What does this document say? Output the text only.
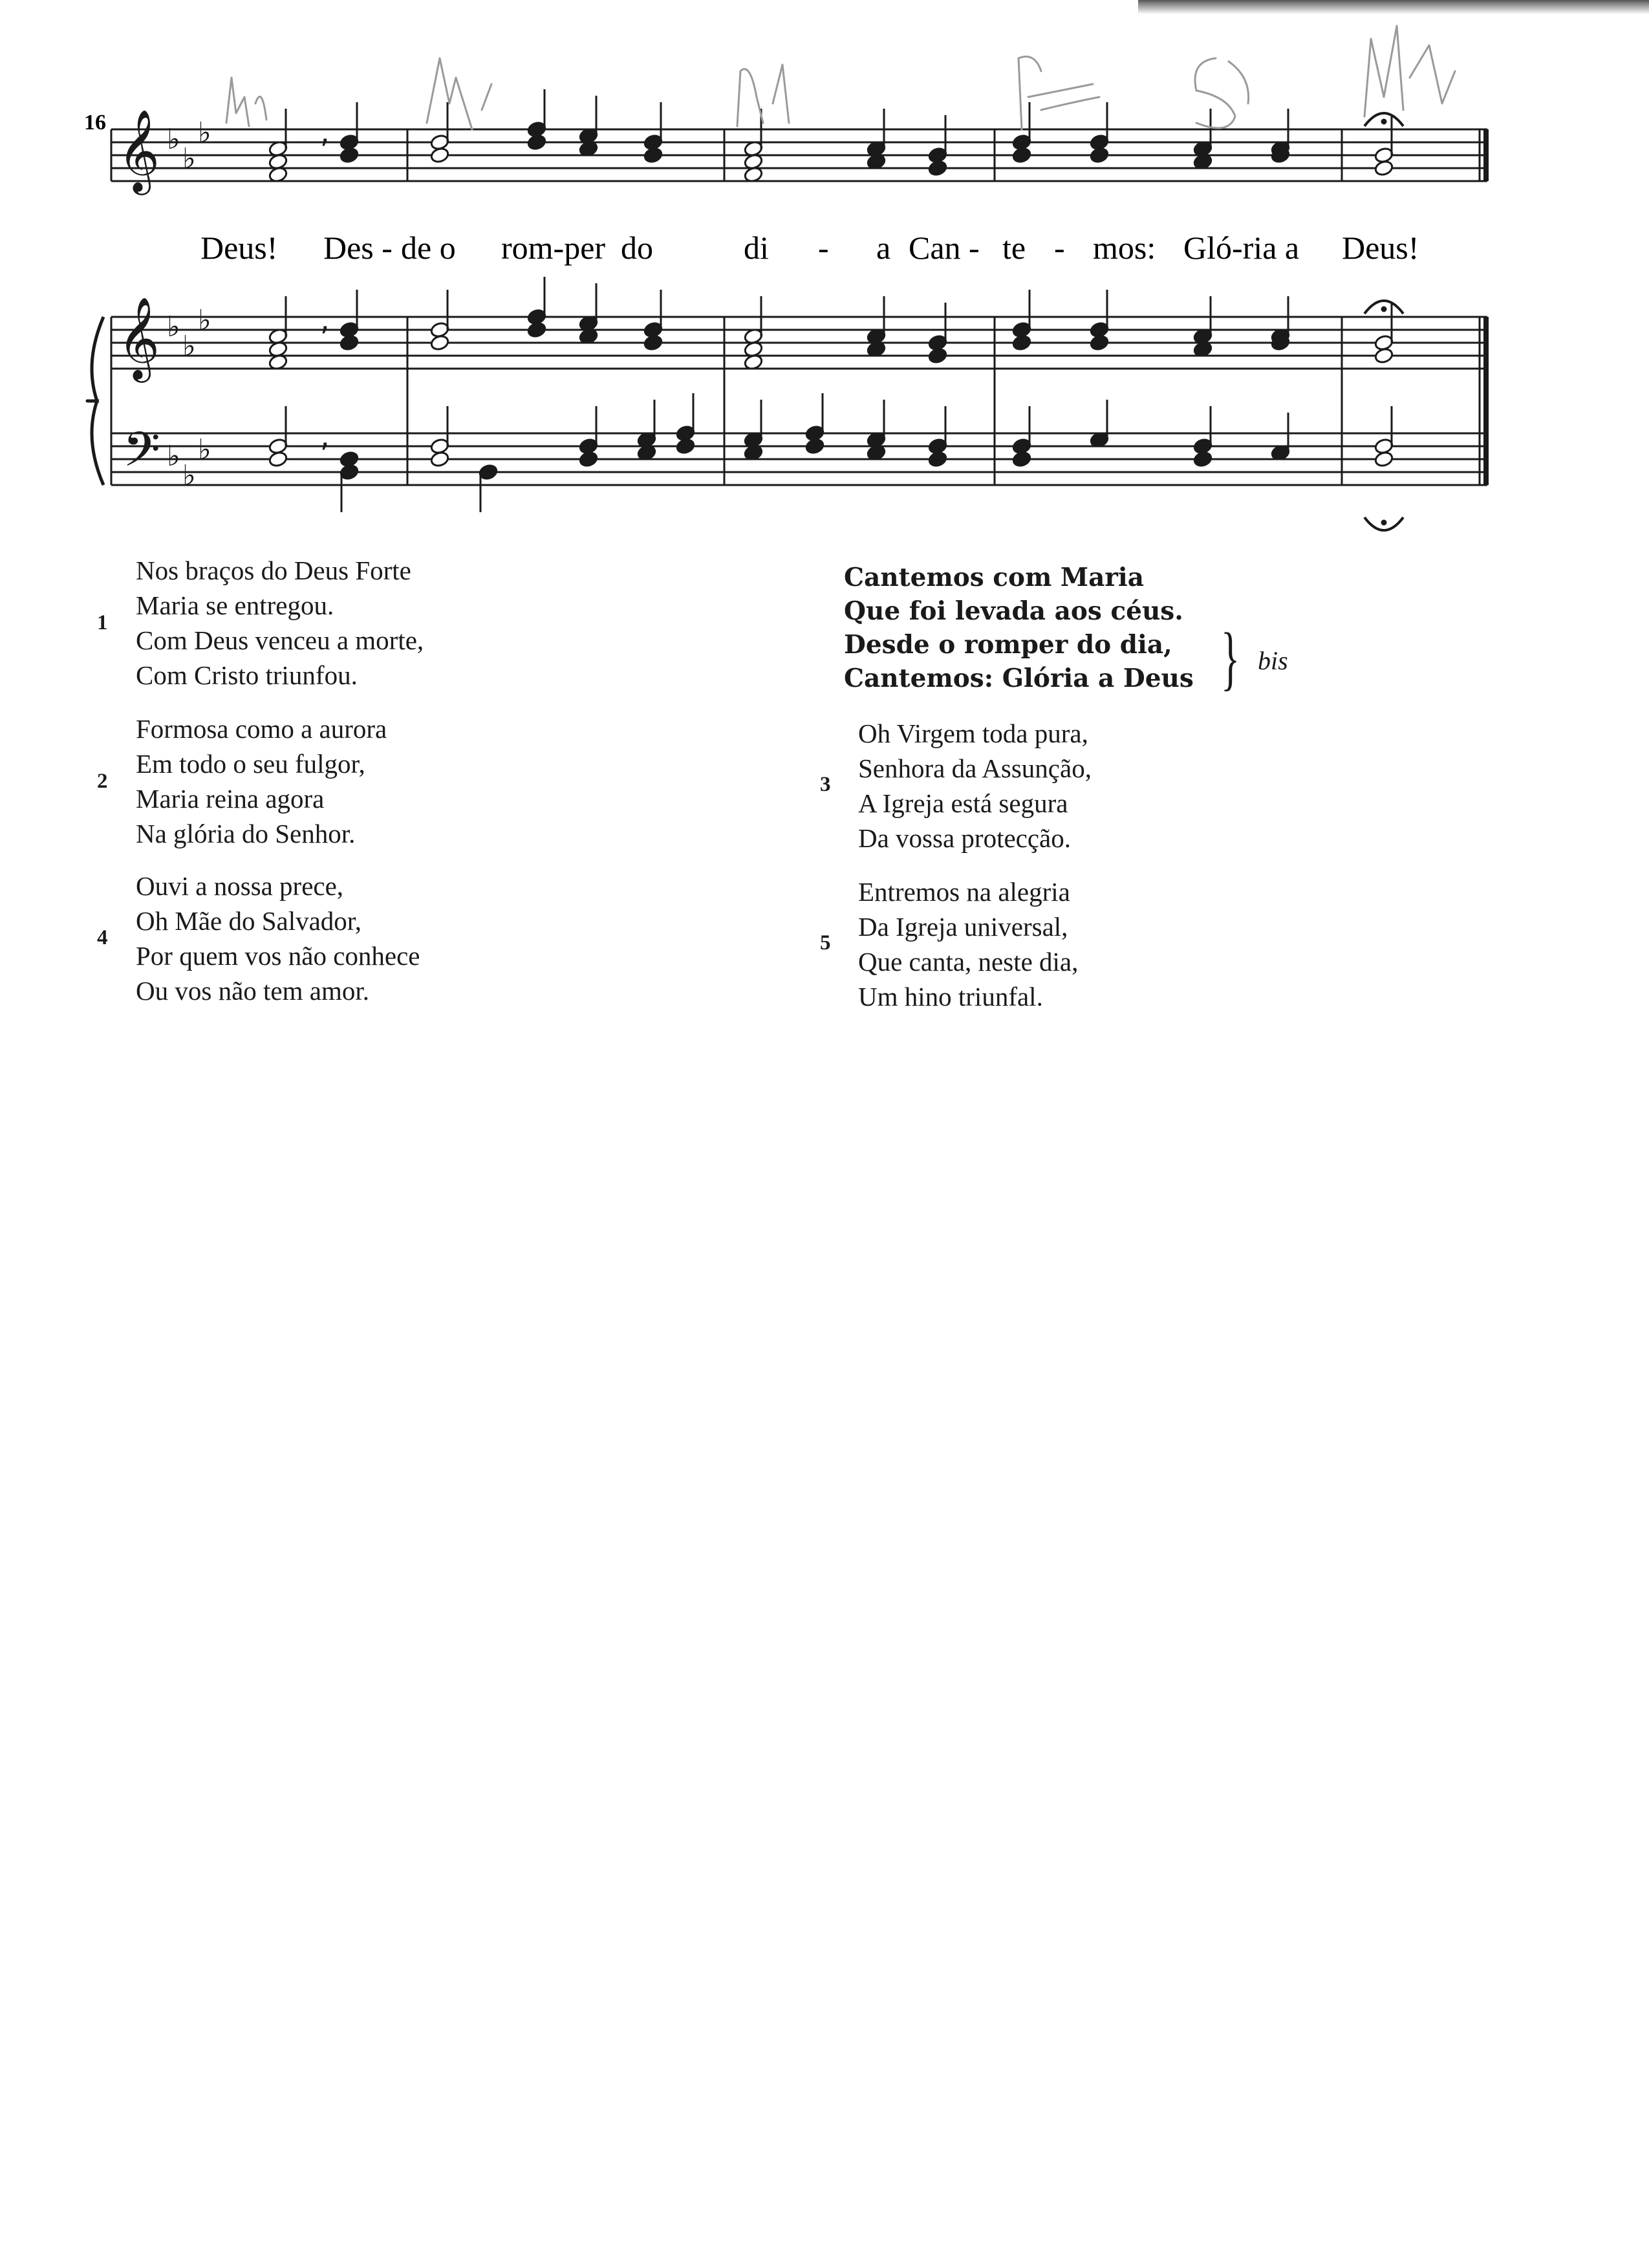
𝄞
𝄞
𝄢
♭
♭
♭
♭
♭
♭
♭
♭
♭
,
,
,
16
Deus! Des - de o rom-per do	di - a Can - te - mos: Gló-ria a Deus!
Nos braços do Deus Forte
Maria se entregou.
Com Deus venceu a morte,
Com Cristo triunfou.
1
Formosa como a aurora
Em todo o seu fulgor,
Maria reina agora
Na glória do Senhor.
2
Ouvi a nossa prece,
Oh Mãe do Salvador,
Por quem vos não conhece
Ou vos não tem amor.
4
Cantemos com Maria
Que foi levada aos céus.
Desde o romper do dia,
Cantemos: Glória a Deus } bis
Oh Virgem toda pura,
Senhora da Assunção,
A Igreja está segura
Da vossa protecção.
3
Entremos na alegria
Da Igreja universal,
Que canta, neste dia,
Um hino triunfal.
5
